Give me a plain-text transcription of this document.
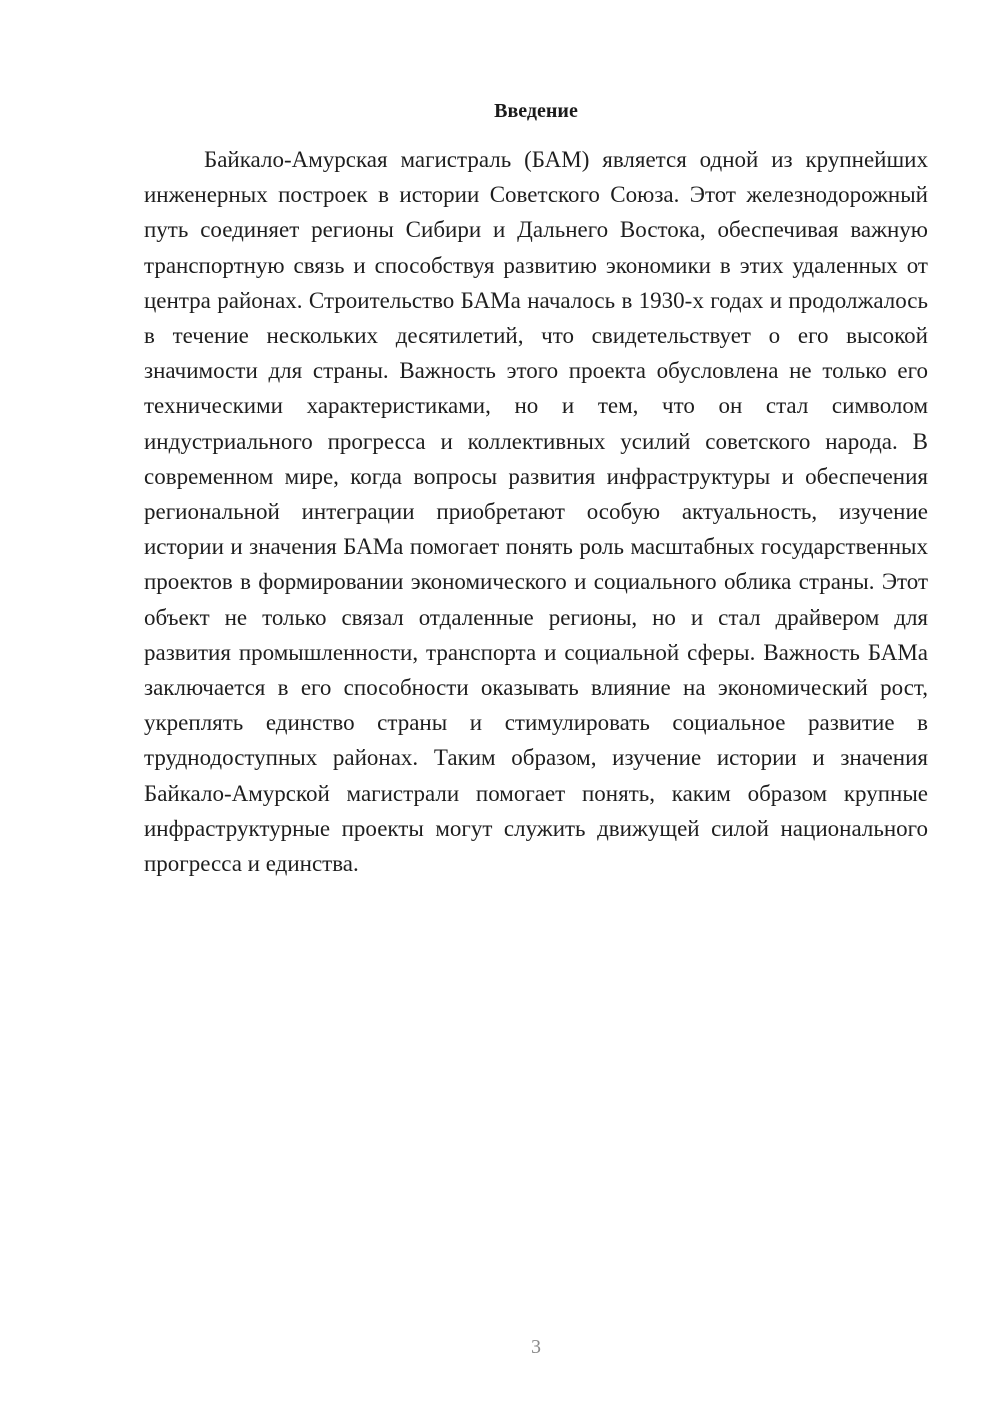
Введение

Байкало-Амурская магистраль (БАМ) является одной из крупнейших инженерных построек в истории Советского Союза. Этот железнодорожный путь соединяет регионы Сибири и Дальнего Востока, обеспечивая важную транспортную связь и способствуя развитию экономики в этих удаленных от центра районах. Строительство БАМа началось в 1930-х годах и продолжалось в течение нескольких десятилетий, что свидетельствует о его высокой значимости для страны. Важность этого проекта обусловлена не только его техническими характеристиками, но и тем, что он стал символом индустриального прогресса и коллективных усилий советского народа. В современном мире, когда вопросы развития инфраструктуры и обеспечения региональной интеграции приобретают особую актуальность, изучение истории и значения БАМа помогает понять роль масштабных государственных проектов в формировании экономического и социального облика страны. Этот объект не только связал отдаленные регионы, но и стал драйвером для развития промышленности, транспорта и социальной сферы. Важность БАМа заключается в его способности оказывать влияние на экономический рост, укреплять единство страны и стимулировать социальное развитие в труднодоступных районах. Таким образом, изучение истории и значения Байкало-Амурской магистрали помогает понять, каким образом крупные инфраструктурные проекты могут служить движущей силой национального прогресса и единства.

3
